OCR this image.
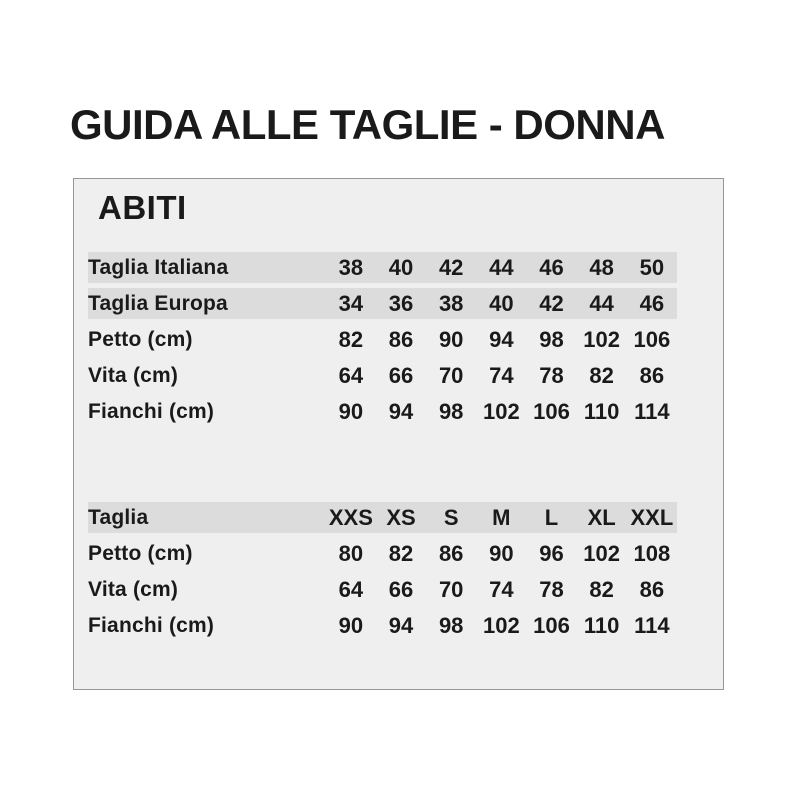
GUIDA ALLE TAGLIE - DONNA
ABITI
Taglia Italiana	38	40	42	44	46	48	50
Taglia Europa	34	36	38	40	42	44	46
Petto (cm)	82	86	90	94	98	102	106
Vita (cm)	64	66	70	74	78	82	86
Fianchi (cm)	90	94	98	102	106	110	114
Taglia	XXS	XS	S	M	L	XL	XXL
Petto (cm)	80	82	86	90	96	102	108
Vita (cm)	64	66	70	74	78	82	86
Fianchi (cm)	90	94	98	102	106	110	114
